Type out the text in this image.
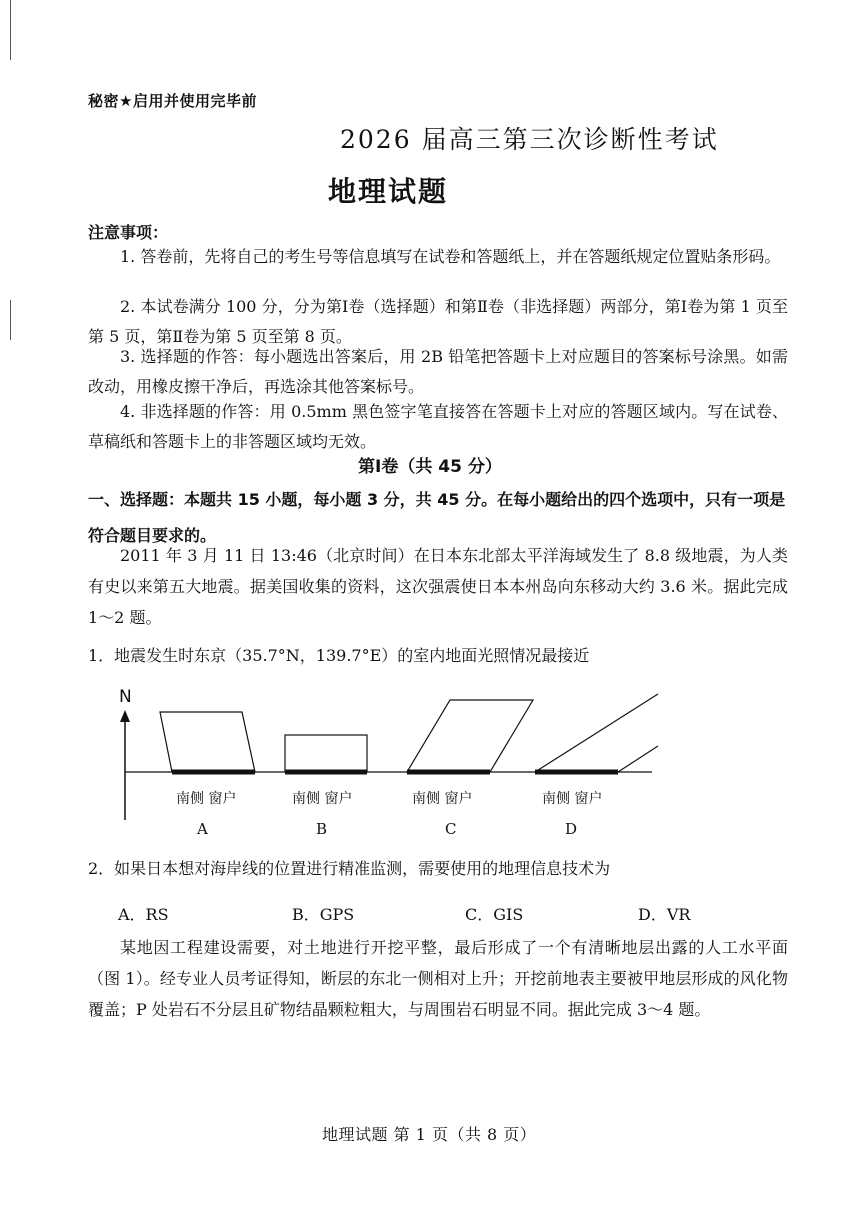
秘密★启用并使用完毕前
2026 届高三第三次诊断性考试
地理试题
注意事项：
1. 答卷前，先将自己的考生号等信息填写在试卷和答题纸上，并在答题纸规定位置贴条形码。
2. 本试卷满分 100 分，分为第Ⅰ卷（选择题）和第Ⅱ卷（非选择题）两部分，第Ⅰ卷为第 1 页至第 5 页，第Ⅱ卷为第 5 页至第 8 页。
3. 选择题的作答：每小题选出答案后，用 2B 铅笔把答题卡上对应题目的答案标号涂黑。如需改动，用橡皮擦干净后，再选涂其他答案标号。
4. 非选择题的作答：用 0.5mm 黑色签字笔直接答在答题卡上对应的答题区域内。写在试卷、草稿纸和答题卡上的非答题区域均无效。
第Ⅰ卷（共 45 分）
一、选择题：本题共 15 小题，每小题 3 分，共 45 分。在每小题给出的四个选项中，只有一项是符合题目要求的。
2011 年 3 月 11 日 13:46（北京时间）在日本东北部太平洋海域发生了 8.8 级地震，为人类有史以来第五大地震。据美国收集的资料，这次强震使日本本州岛向东移动大约 3.6 米。据此完成 1～2 题。
1．地震发生时东京（35.7°N，139.7°E）的室内地面光照情况最接近
N
南侧 窗户	南侧 窗户	南侧 窗户	南侧 窗户
A	B	C	D
2．如果日本想对海岸线的位置进行精准监测，需要使用的地理信息技术为
A．RS	B．GPS	C．GIS	D．VR
某地因工程建设需要，对土地进行开挖平整，最后形成了一个有清晰地层出露的人工水平面（图 1）。经专业人员考证得知，断层的东北一侧相对上升；开挖前地表主要被甲地层形成的风化物覆盖；P 处岩石不分层且矿物结晶颗粒粗大，与周围岩石明显不同。据此完成 3～4 题。
地理试题 第 1 页（共 8 页）
